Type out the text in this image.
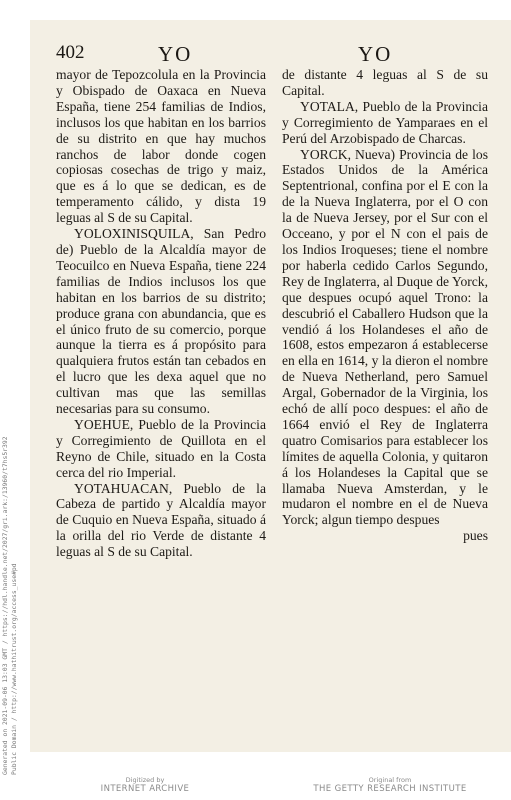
402	YO	YO

mayor de Tepozcolula en la Provincia y Obispado de Oaxaca en Nueva España, tiene 254 familias de Indios, inclusos los que habitan en los barrios de su distrito en que hay muchos ranchos de labor donde cogen copiosas cosechas de trigo y maiz, que es á lo que se dedican, es de temperamento cálido, y dista 19 leguas al S de su Capital.

YOLOXINISQUILA, San Pedro de) Pueblo de la Alcaldía mayor de Teocuilco en Nueva España, tiene 224 familias de Indios inclusos los que habitan en los barrios de su distrito; produce grana con abundancia, que es el único fruto de su comercio, porque aunque la tierra es á propósito para qualquiera frutos están tan cebados en el lucro que les dexa aquel que no cultivan mas que las semillas necesarias para su consumo.

YOEHUE, Pueblo de la Provincia y Corregimiento de Quillota en el Reyno de Chile, situado en la Costa cerca del rio Imperial.

YOTAHUACAN, Pueblo de la Cabeza de partido y Alcaldía mayor de Cuquio en Nueva España, situado á la orilla del rio Verde de distante 4 leguas al S de su Capital.

de distante 4 leguas al S de su Capital.

YOTALA, Pueblo de la Provincia y Corregimiento de Yamparaes en el Perú del Arzobispado de Charcas.

YORCK, Nueva) Provincia de los Estados Unidos de la América Septentrional, confina por el E con la de la Nueva Inglaterra, por el O con la de Nueva Jersey, por el Sur con el Occeano, y por el N con el pais de los Indios Iroqueses; tiene el nombre por haberla cedido Carlos Segundo, Rey de Inglaterra, al Duque de Yorck, que despues ocupó aquel Trono: la descubrió el Caballero Hudson que la vendió á los Holandeses el año de 1608, estos empezaron á establecerse en ella en 1614, y la dieron el nombre de Nueva Netherland, pero Samuel Argal, Gobernador de la Virginia, los echó de allí poco despues: el año de 1664 envió el Rey de Inglaterra quatro Comisarios para establecer los límites de aquella Colonia, y quitaron á los Holandeses la Capital que se llamaba Nueva Amsterdan, y le mudaron el nombre en el de Nueva Yorck; algun tiempo despues

pues

Generated on 2021-09-06 13:03 GMT / https://hdl.handle.net/2027/gri.ark:/13960/t7hs5r392 Public Domain / http://www.hathitrust.org/access_use#pd
Digitized by
INTERNET ARCHIVE
Original from
THE GETTY RESEARCH INSTITUTE
